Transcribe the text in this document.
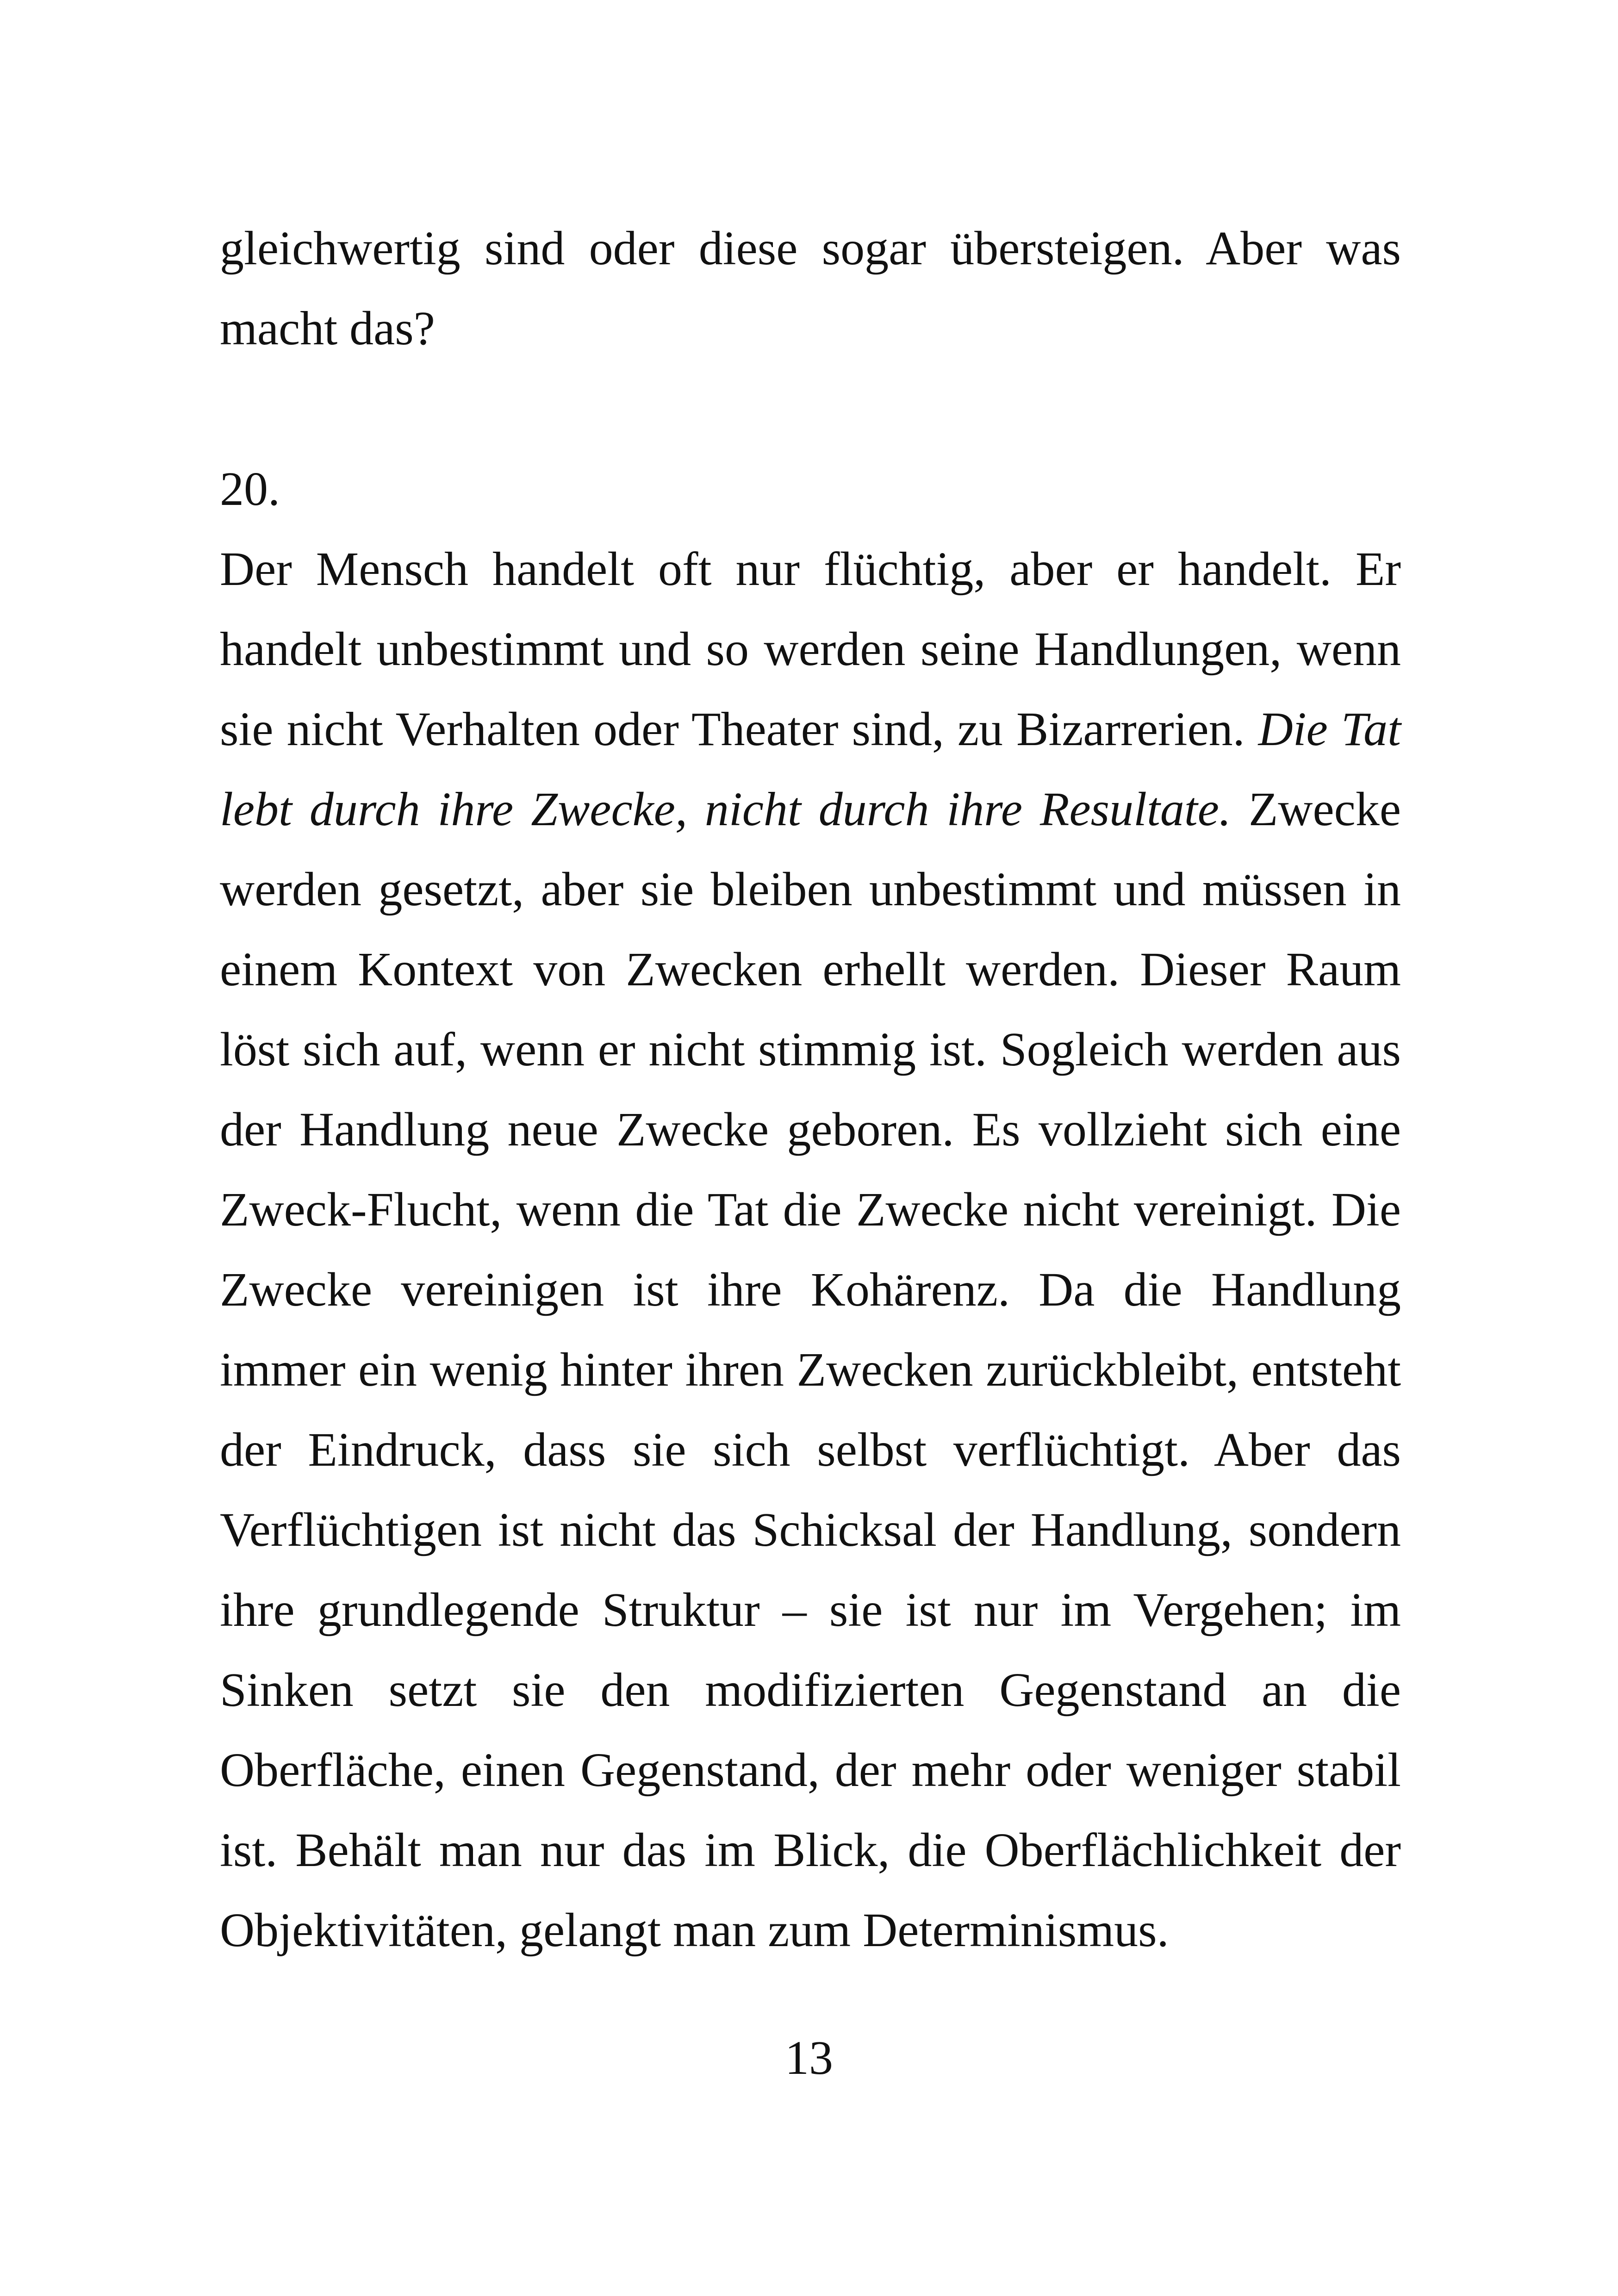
gleichwertig sind oder diese sogar übersteigen. Aber was macht das?

20.

Der Mensch handelt oft nur flüchtig, aber er handelt. Er handelt unbestimmt und so werden seine Handlungen, wenn sie nicht Verhalten oder Theater sind, zu Bizarrerien. Die Tat lebt durch ihre Zwecke, nicht durch ihre Resultate. Zwecke werden gesetzt, aber sie bleiben unbestimmt und müssen in einem Kontext von Zwecken erhellt werden. Dieser Raum löst sich auf, wenn er nicht stimmig ist. Sogleich werden aus der Handlung neue Zwecke geboren. Es vollzieht sich eine Zweck-Flucht, wenn die Tat die Zwecke nicht vereinigt. Die Zwecke vereinigen ist ihre Kohärenz. Da die Handlung immer ein wenig hinter ihren Zwecken zurückbleibt, entsteht der Eindruck, dass sie sich selbst verflüchtigt. Aber das Verflüchtigen ist nicht das Schicksal der Handlung, sondern ihre grundlegende Struktur – sie ist nur im Vergehen; im Sinken setzt sie den modifizierten Gegenstand an die Oberfläche, einen Gegenstand, der mehr oder weniger stabil ist. Behält man nur das im Blick, die Oberflächlichkeit der Objektivitäten, gelangt man zum Determinismus.

13
